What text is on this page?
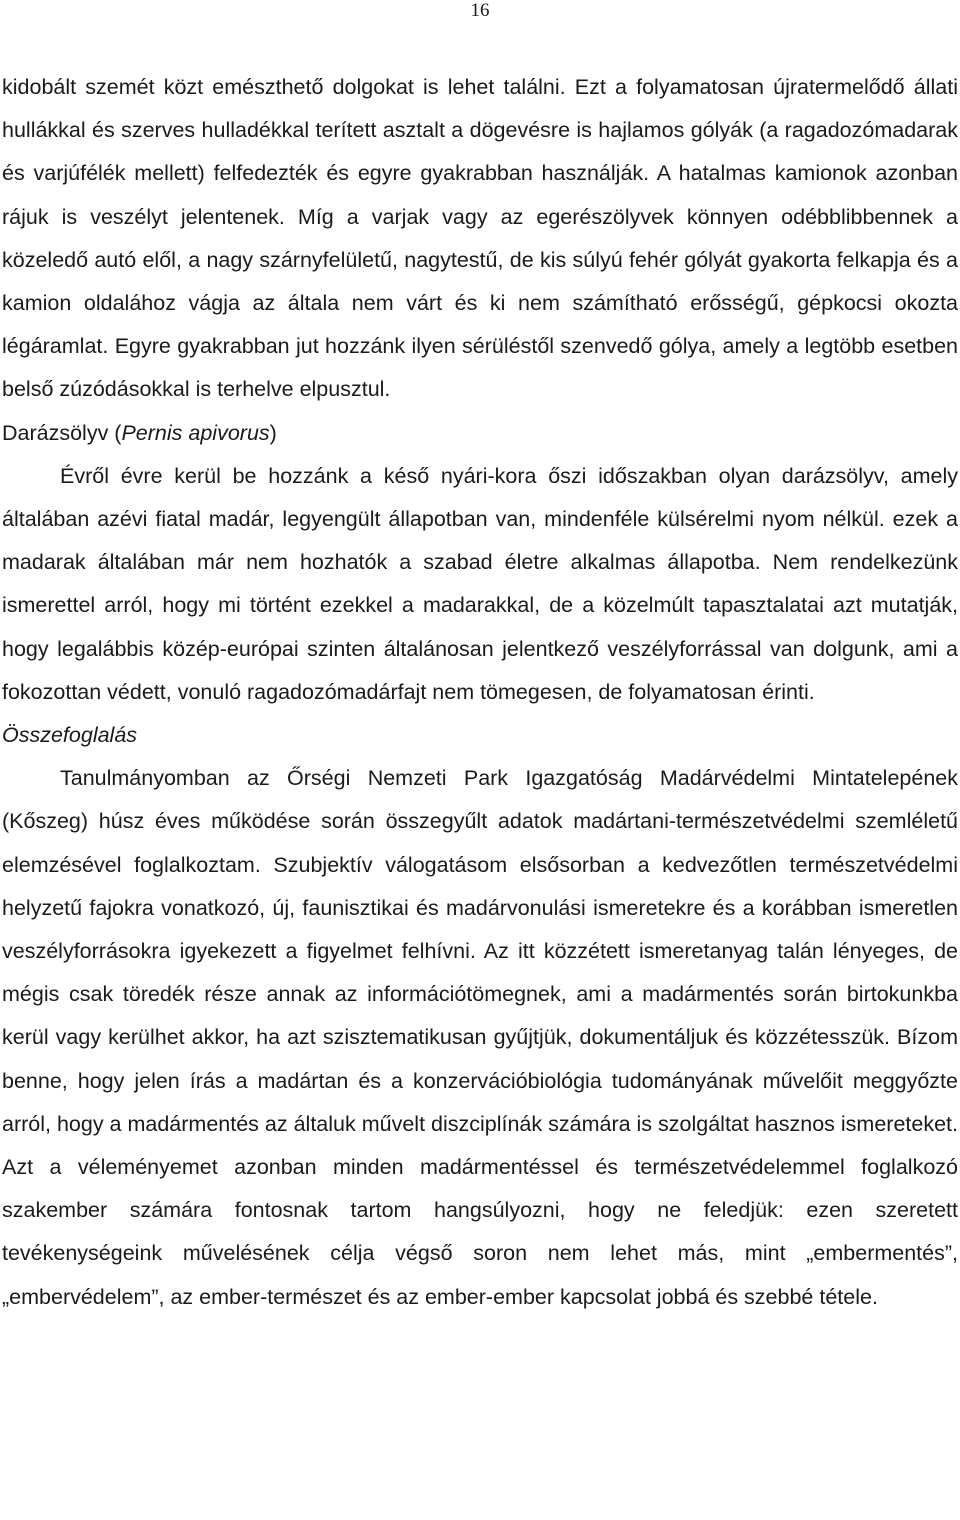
16

kidobált szemét közt emészthető dolgokat is lehet találni. Ezt a folyamatosan újratermelődő állati hullákkal és szerves hulladékkal terített asztalt a dögevésre is hajlamos gólyák (a ragadozómadarak és varjúfélék mellett) felfedezték és egyre gyakrabban használják. A hatalmas kamionok azonban rájuk is veszélyt jelentenek. Míg a varjak vagy az egerészölyvek könnyen odébblibbennek a közeledő autó elől, a nagy szárnyfelületű, nagytestű, de kis súlyú fehér gólyát gyakorta felkapja és a kamion oldalához vágja az általa nem várt és ki nem számítható erősségű, gépkocsi okozta légáramlat. Egyre gyakrabban jut hozzánk ilyen sérüléstől szenvedő gólya, amely a legtöbb esetben belső zúzódásokkal is terhelve elpusztul.

Darázsölyv (Pernis apivorus)

Évről évre kerül be hozzánk a késő nyári-kora őszi időszakban olyan darázsölyv, amely általában azévi fiatal madár, legyengült állapotban van, mindenféle külsérelmi nyom nélkül. ezek a madarak általában már nem hozhatók a szabad életre alkalmas állapotba. Nem rendelkezünk ismerettel arról, hogy mi történt ezekkel a madarakkal, de a közelmúlt tapasztalatai azt mutatják, hogy legalábbis közép-európai szinten általánosan jelentkező veszélyforrással van dolgunk, ami a fokozottan védett, vonuló ragadozómadárfajt nem tömegesen, de folyamatosan érinti.

Összefoglalás

Tanulmányomban az Őrségi Nemzeti Park Igazgatóság Madárvédelmi Mintatelepének (Kőszeg) húsz éves működése során összegyűlt adatok madártani-természetvédelmi szemléletű elemzésével foglalkoztam. Szubjektív válogatásom elsősorban a kedvezőtlen természetvédelmi helyzetű fajokra vonatkozó, új, faunisztikai és madárvonulási ismeretekre és a korábban ismeretlen veszélyforrásokra igyekezett a figyelmet felhívni. Az itt közzétett ismeretanyag talán lényeges, de mégis csak töredék része annak az információtömegnek, ami a madármentés során birtokunkba kerül vagy kerülhet akkor, ha azt szisztematikusan gyűjtjük, dokumentáljuk és közzétesszük. Bízom benne, hogy jelen írás a madártan és a konzervációbiológia tudományának művelőit meggyőzte arról, hogy a madármentés az általuk művelt diszciplínák számára is szolgáltat hasznos ismereteket. Azt a véleményemet azonban minden madármentéssel és természetvédelemmel foglalkozó szakember számára fontosnak tartom hangsúlyozni, hogy ne feledjük: ezen szeretett tevékenységeink művelésének célja végső soron nem lehet más, mint „embermentés”, „embervédelem”, az ember-természet és az ember-ember kapcsolat jobbá és szebbé tétele.
